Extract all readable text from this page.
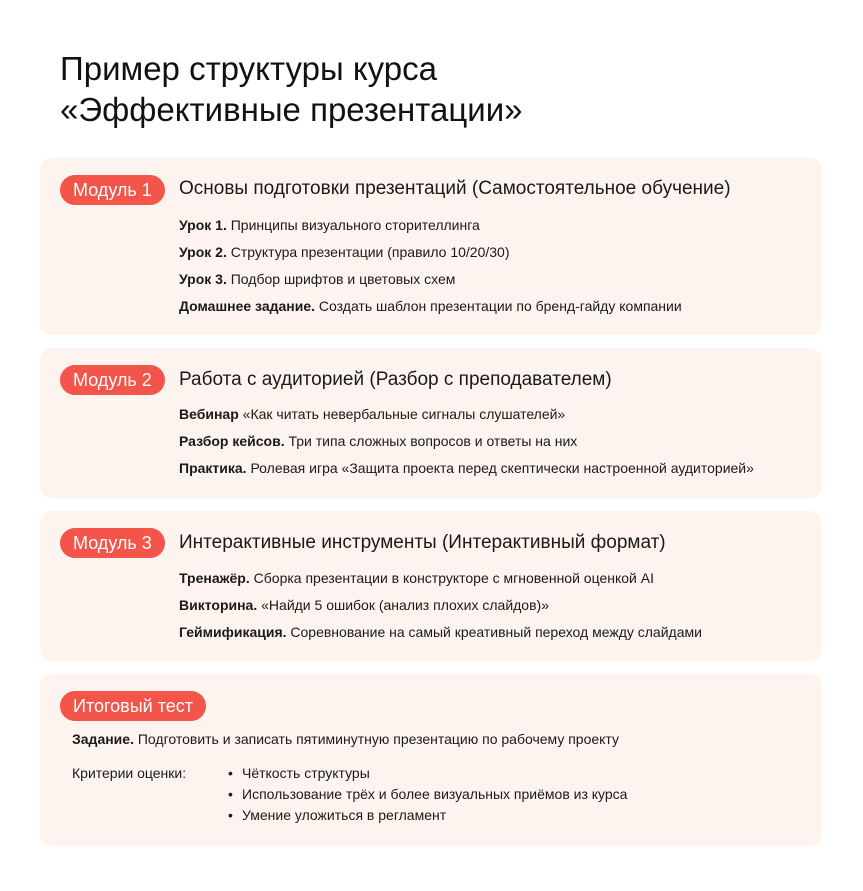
Пример структуры курса
«Эффективные презентации»
Модуль 1	Основы подготовки презентаций (Самостоятельное обучение)
Урок 1. Принципы визуального сторителлинга
Урок 2. Структура презентации (правило 10/20/30)
Урок 3. Подбор шрифтов и цветовых схем
Домашнее задание. Создать шаблон презентации по бренд-гайду компании
Модуль 2	Работа с аудиторией (Разбор с преподавателем)
Вебинар «Как читать невербальные сигналы слушателей»
Разбор кейсов. Три типа сложных вопросов и ответы на них
Практика. Ролевая игра «Защита проекта перед скептически настроенной аудиторией»
Модуль 3	Интерактивные инструменты (Интерактивный формат)
Тренажёр. Сборка презентации в конструкторе с мгновенной оценкой AI
Викторина. «Найди 5 ошибок (анализ плохих слайдов)»
Геймификация. Соревнование на самый креативный переход между слайдами
Итоговый тест
Задание. Подготовить и записать пятиминутную презентацию по рабочему проекту
Критерии оценки:	• Чёткость структуры
• Использование трёх и более визуальных приёмов из курса
• Умение уложиться в регламент
